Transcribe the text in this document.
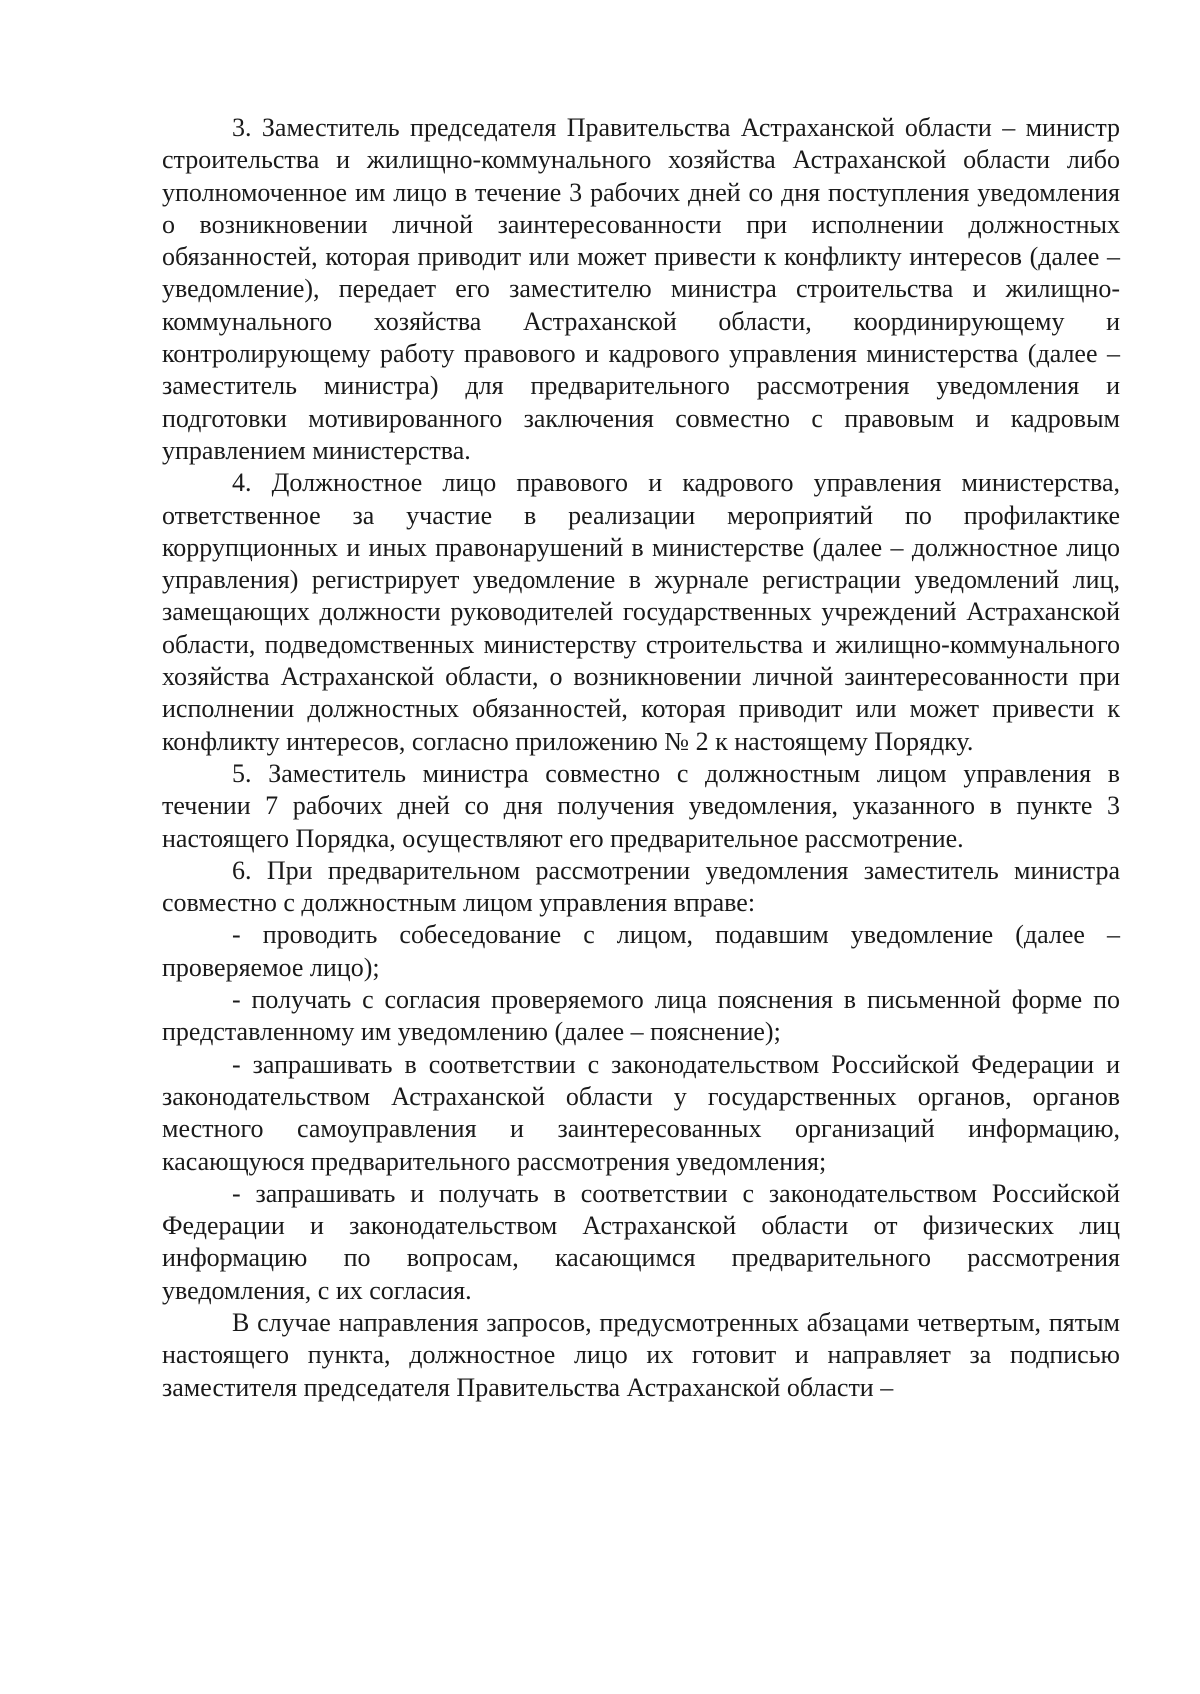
3. Заместитель председателя Правительства Астраханской области – министр строительства и жилищно-коммунального хозяйства Астраханской области либо уполномоченное им лицо в течение 3 рабочих дней со дня поступления уведомления о возникновении личной заинтересованности при исполнении должностных обязанностей, которая приводит или может привести к конфликту интересов (далее – уведомление), передает его заместителю министра строительства и жилищно-коммунального хозяйства Астраханской области, координирующему и контролирующему работу правового и кадрового управления министерства (далее – заместитель министра) для предварительного рассмотрения уведомления и подготовки мотивированного заключения совместно с правовым и кадровым управлением министерства.

4. Должностное лицо правового и кадрового управления министерства, ответственное за участие в реализации мероприятий по профилактике коррупционных и иных правонарушений в министерстве (далее – должностное лицо управления) регистрирует уведомление в журнале регистрации уведомлений лиц, замещающих должности руководителей государственных учреждений Астраханской области, подведомственных министерству строительства и жилищно-коммунального хозяйства Астраханской области, о возникновении личной заинтересованности при исполнении должностных обязанностей, которая приводит или может привести к конфликту интересов, согласно приложению № 2 к настоящему Порядку.

5. Заместитель министра совместно с должностным лицом управления в течении 7 рабочих дней со дня получения уведомления, указанного в пункте 3 настоящего Порядка, осуществляют его предварительное рассмотрение.

6. При предварительном рассмотрении уведомления заместитель министра совместно с должностным лицом управления вправе:

- проводить собеседование с лицом, подавшим уведомление (далее – проверяемое лицо);

- получать с согласия проверяемого лица пояснения в письменной форме по представленному им уведомлению (далее – пояснение);

- запрашивать в соответствии с законодательством Российской Федерации и законодательством Астраханской области у государственных органов, органов местного самоуправления и заинтересованных организаций информацию, касающуюся предварительного рассмотрения уведомления;

- запрашивать и получать в соответствии с законодательством Российской Федерации и законодательством Астраханской области от физических лиц информацию по вопросам, касающимся предварительного рассмотрения уведомления, с их согласия.

В случае направления запросов, предусмотренных абзацами четвертым, пятым настоящего пункта, должностное лицо их готовит и направляет за подписью заместителя председателя Правительства Астраханской области –
